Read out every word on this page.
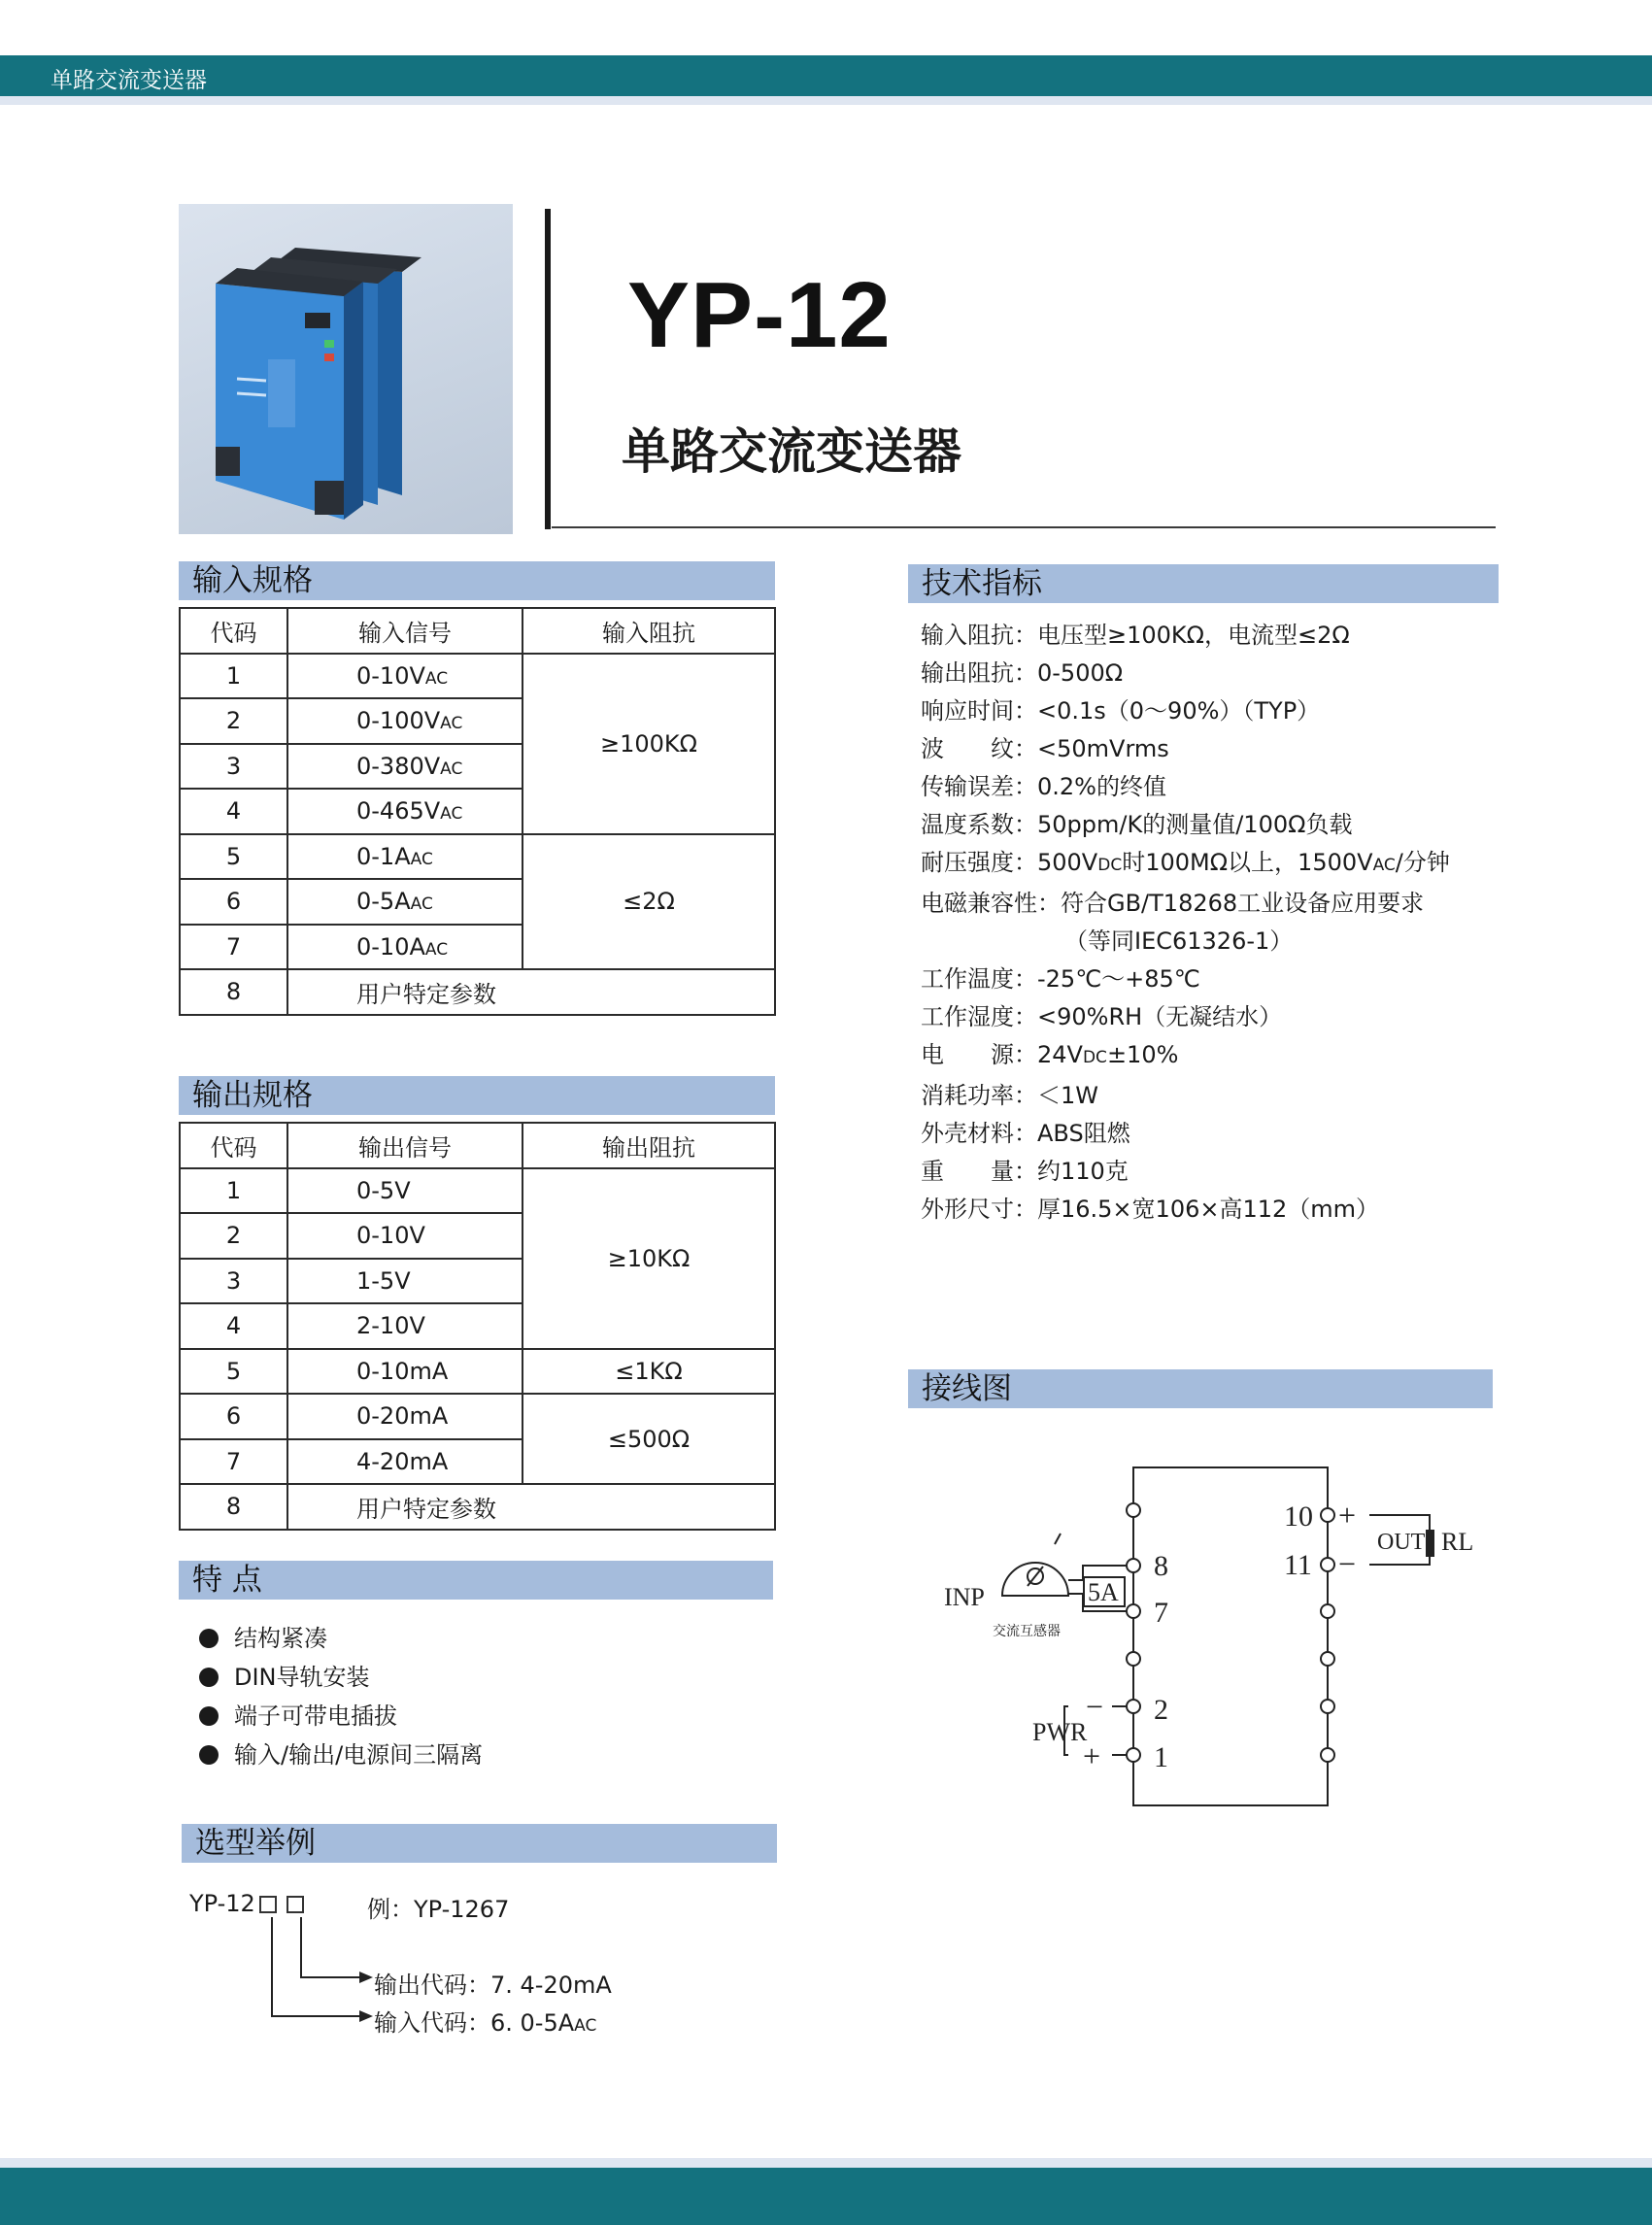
单路交流变送器
YP-12
单路交流变送器
输入规格
代码	输入信号	输入阻抗
1	0-10VAC	≥100KΩ
2	0-100VAC	
3	0-380VAC	
4	0-465VAC	
5	0-1AAC	≤2Ω
6	0-5AAC	
7	0-10AAC	
8	用户特定参数	
输出规格
代码	输出信号	输出阻抗
1	0-5V	≥10KΩ
2	0-10V	
3	1-5V	
4	2-10V	
5	0-10mA	≤1KΩ
6	0-20mA	≤500Ω
7	4-20mA	
8	用户特定参数	
技术指标
输入阻抗：电压型≥100KΩ，电流型≤2Ω
输出阻抗：0-500Ω
响应时间：<0.1s（0～90%）（TYP）
波　　纹：<50mVrms
传输误差：0.2%的终值
温度系数：50ppm/K的测量值/100Ω负载
耐压强度：500VDC时100MΩ以上，1500VAC/分钟
电磁兼容性：符合GB/T18268工业设备应用要求
（等同IEC61326-1）
工作温度：-25℃～+85℃
工作湿度：<90%RH（无凝结水）
电　　源：24VDC±10%
消耗功率：＜1W
外壳材料：ABS阻燃
重　　量：约110克
外形尺寸：厚16.5×宽106×高112（mm）
接线图
10
11
+
−
OUT RL
8
7
2
1
5A
INP
交流互感器
−
+
PWR
特 点
结构紧凑
DIN导轨安装
端子可带电插拔
输入/输出/电源间三隔离
选型举例
YP-12	例：YP-1267
输出代码：7. 4-20mA
输入代码：6. 0-5AAC
